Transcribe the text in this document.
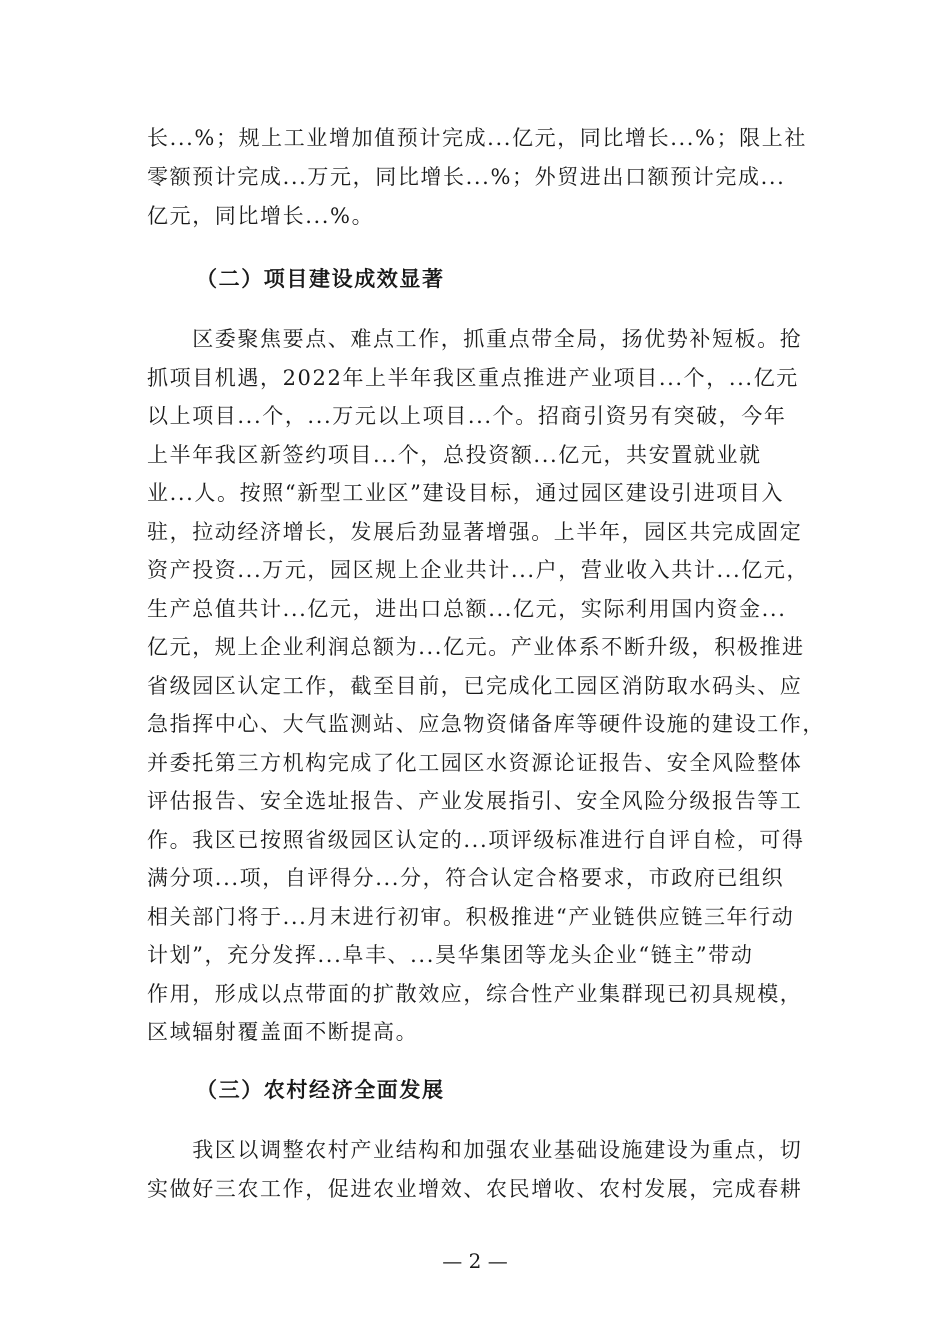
长...%；规上工业增加值预计完成...亿元，同比增长...%；限上社
零额预计完成...万元，同比增长...%；外贸进出口额预计完成...
亿元，同比增长...%。
（二）项目建设成效显著
　　区委聚焦要点、难点工作，抓重点带全局，扬优势补短板。抢
抓项目机遇，2022年上半年我区重点推进产业项目...个，...亿元
以上项目...个，...万元以上项目...个。招商引资另有突破，今年
上半年我区新签约项目...个，总投资额...亿元，共安置就业就
业...人。按照“新型工业区”建设目标，通过园区建设引进项目入
驻，拉动经济增长，发展后劲显著增强。上半年，园区共完成固定
资产投资...万元，园区规上企业共计...户，营业收入共计...亿元，
生产总值共计...亿元，进出口总额...亿元，实际利用国内资金...
亿元，规上企业利润总额为...亿元。产业体系不断升级，积极推进
省级园区认定工作，截至目前，已完成化工园区消防取水码头、应
急指挥中心、大气监测站、应急物资储备库等硬件设施的建设工作，
并委托第三方机构完成了化工园区水资源论证报告、安全风险整体
评估报告、安全选址报告、产业发展指引、安全风险分级报告等工
作。我区已按照省级园区认定的...项评级标准进行自评自检，可得
满分项...项，自评得分...分，符合认定合格要求，市政府已组织
相关部门将于...月末进行初审。积极推进“产业链供应链三年行动
计划”，充分发挥...阜丰、...昊华集团等龙头企业“链主”带动
作用，形成以点带面的扩散效应，综合性产业集群现已初具规模，
区域辐射覆盖面不断提高。
（三）农村经济全面发展
　　我区以调整农村产业结构和加强农业基础设施建设为重点，切
实做好三农工作，促进农业增效、农民增收、农村发展，完成春耕
— 2 —
